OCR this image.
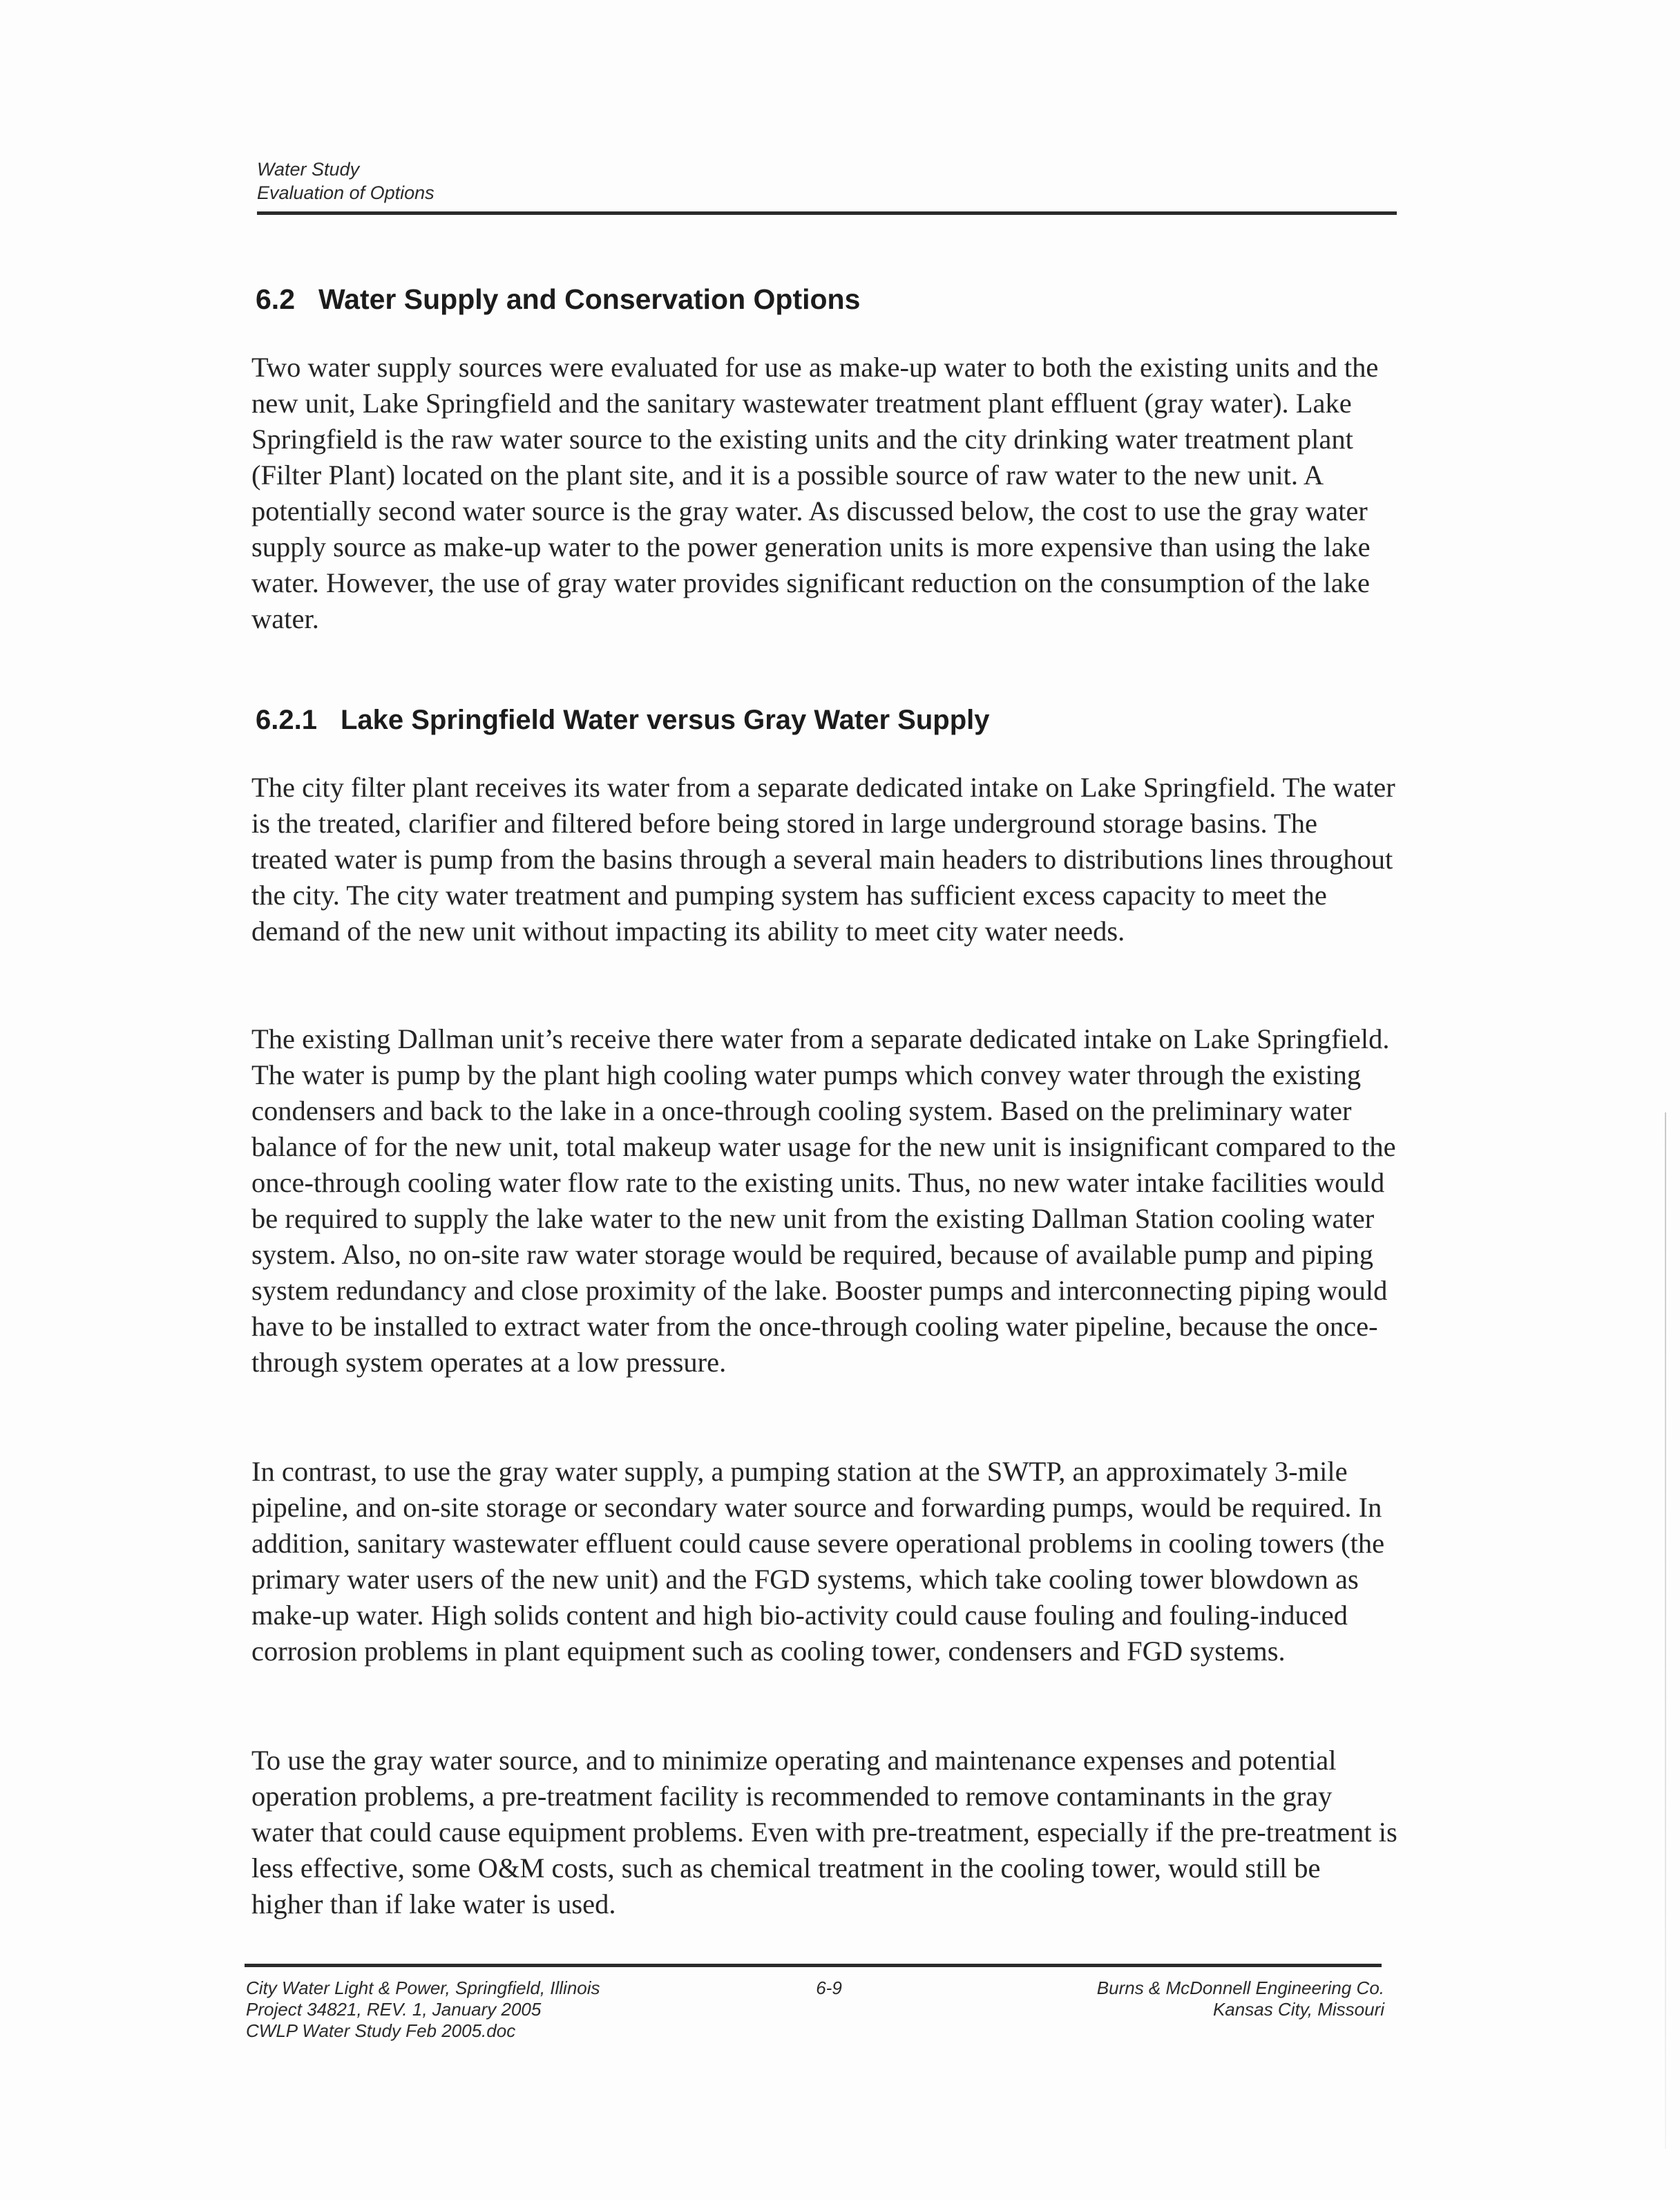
Water Study
Evaluation of Options
6.2 Water Supply and Conservation Options

Two water supply sources were evaluated for use as make-up water to both the existing units and the new unit, Lake Springfield and the sanitary wastewater treatment plant effluent (gray water). Lake Springfield is the raw water source to the existing units and the city drinking water treatment plant (Filter Plant) located on the plant site, and it is a possible source of raw water to the new unit. A potentially second water source is the gray water. As discussed below, the cost to use the gray water supply source as make-up water to the power generation units is more expensive than using the lake water. However, the use of gray water provides significant reduction on the consumption of the lake water.

6.2.1 Lake Springfield Water versus Gray Water Supply

The city filter plant receives its water from a separate dedicated intake on Lake Springfield. The water is the treated, clarifier and filtered before being stored in large underground storage basins. The treated water is pump from the basins through a several main headers to distributions lines throughout the city. The city water treatment and pumping system has sufficient excess capacity to meet the demand of the new unit without impacting its ability to meet city water needs.

The existing Dallman unit’s receive there water from a separate dedicated intake on Lake Springfield. The water is pump by the plant high cooling water pumps which convey water through the existing condensers and back to the lake in a once-through cooling system. Based on the preliminary water balance of for the new unit, total makeup water usage for the new unit is insignificant compared to the once-through cooling water flow rate to the existing units. Thus, no new water intake facilities would be required to supply the lake water to the new unit from the existing Dallman Station cooling water system. Also, no on-site raw water storage would be required, because of available pump and piping system redundancy and close proximity of the lake. Booster pumps and interconnecting piping would have to be installed to extract water from the once-through cooling water pipeline, because the once-through system operates at a low pressure.

In contrast, to use the gray water supply, a pumping station at the SWTP, an approximately 3-mile pipeline, and on-site storage or secondary water source and forwarding pumps, would be required. In addition, sanitary wastewater effluent could cause severe operational problems in cooling towers (the primary water users of the new unit) and the FGD systems, which take cooling tower blowdown as make-up water. High solids content and high bio-activity could cause fouling and fouling-induced corrosion problems in plant equipment such as cooling tower, condensers and FGD systems.

To use the gray water source, and to minimize operating and maintenance expenses and potential operation problems, a pre-treatment facility is recommended to remove contaminants in the gray water that could cause equipment problems. Even with pre-treatment, especially if the pre-treatment is less effective, some O&M costs, such as chemical treatment in the cooling tower, would still be higher than if lake water is used.

City Water Light & Power, Springfield, Illinois
Project 34821, REV. 1, January 2005
CWLP Water Study Feb 2005.doc
6-9	Burns & McDonnell Engineering Co.
Kansas City, Missouri
